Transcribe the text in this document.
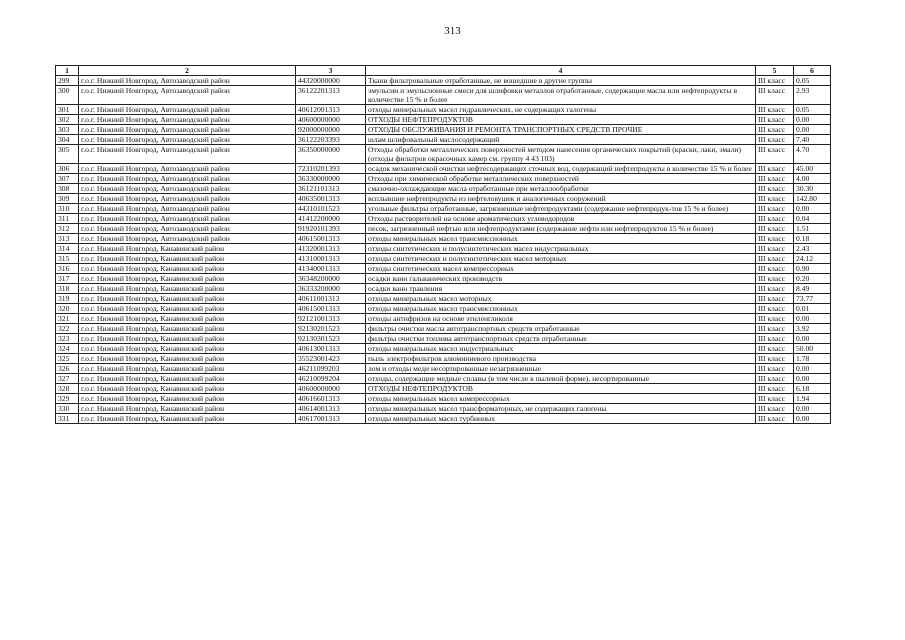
313
1	2	3	4	5	6
299	г.о.г. Нижний Новгород, Автозаводский район	44320000000	Ткани фильтровальные отработанные, не вошедшие в другие группы	III класс	0.05
300	г.о.г. Нижний Новгород, Автозаводский район	36122201313	эмульсии и эмульсионные смеси для шлифовки металлов отработанные, содержащие масла или нефтепродукты в количестве 15 % и более	III класс	2.93
301	г.о.г. Нижний Новгород, Автозаводский район	40612001313	отходы минеральных масел гидравлических, не содержащих галогены	III класс	0.05
302	г.о.г. Нижний Новгород, Автозаводский район	40600000000	ОТХОДЫ НЕФТЕПРОДУКТОВ	III класс	0.00
303	г.о.г. Нижний Новгород, Автозаводский район	92000000000	ОТХОДЫ ОБСЛУЖИВАНИЯ И РЕМОНТА ТРАНСПОРТНЫХ СРЕДСТВ ПРОЧИЕ	III класс	0.00
304	г.о.г. Нижний Новгород, Автозаводский район	36122203393	шлам шлифовальный маслосодержащий	III класс	7.40
305	г.о.г. Нижний Новгород, Автозаводский район	36350000000	Отходы обработки металлических поверхностей методом нанесения органических покрытий (краски, лаки, эмали)(отходы фильтров окрасочных камер см. группу 4 43 103)	III класс	4.70
306	г.о.г. Нижний Новгород, Автозаводский район	72310201393	осадок механической очистки нефтесодержащих сточных вод, содержащий нефтепродукты в количестве 15 % и более	III класс	45.00
307	г.о.г. Нижний Новгород, Автозаводский район	36330000000	Отходы при химической обработке металлических поверхностей	III класс	4.00
308	г.о.г. Нижний Новгород, Автозаводский район	36121101313	смазочно-охлаждающие масла отработанные при металлообработке	III класс	30.30
309	г.о.г. Нижний Новгород, Автозаводский район	40635001313	всплывшие нефтепродукты из нефтеловушек и аналогичных сооружений	III класс	142.80
310	г.о.г. Нижний Новгород, Автозаводский район	44310101523	угольные фильтры отработанные, загрязненные нефтепродуктами (содержание нефтепродук-тов 15 % и более)	III класс	0.00
311	г.о.г. Нижний Новгород, Автозаводский район	41412200000	Отходы растворителей на основе ароматических углеводородов	III класс	0.04
312	г.о.г. Нижний Новгород, Автозаводский район	91920101393	песок, загрязненный нефтью или нефтепродуктами (содержание нефти или нефтепродуктов 15 % и более)	III класс	1.51
313	г.о.г. Нижний Новгород, Автозаводский район	40615001313	отходы минеральных масел трансмиссионных	III класс	0.18
314	г.о.г. Нижний Новгород, Канавинский район	41320001313	отходы синтетических и полусинтетических масел индустриальных	III класс	2.43
315	г.о.г. Нижний Новгород, Канавинский район	41310001313	отходы синтетических и полусинтетических масел моторных	III класс	24.12
316	г.о.г. Нижний Новгород, Канавинский район	41340001313	отходы синтетических масел компрессорных	III класс	0.90
317	г.о.г. Нижний Новгород, Канавинский район	36348200000	осадки ванн гальванических производств	III класс	0.20
318	г.о.г. Нижний Новгород, Канавинский район	36333200000	осадки ванн травления	III класс	8.49
319	г.о.г. Нижний Новгород, Канавинский район	40611001313	отходы минеральных масел моторных	III класс	73.77
320	г.о.г. Нижний Новгород, Канавинский район	40615001313	отходы минеральных масел трансмиссионных	III класс	0.01
321	г.о.г. Нижний Новгород, Канавинский район	92121001313	отходы антифризов на основе этиленгликоля	III класс	0.00
322	г.о.г. Нижний Новгород, Канавинский район	92130201523	фильтры очистки масла автотранспортных средств отработанные	III класс	3.92
323	г.о.г. Нижний Новгород, Канавинский район	92130301523	фильтры очистки топлива автотранспортных средств отработанные	III класс	0.00
324	г.о.г. Нижний Новгород, Канавинский район	40613001313	отходы минеральных масел индустриальных	III класс	50.00
325	г.о.г. Нижний Новгород, Канавинский район	35523001423	пыль электрофильтров алюминиевого производства	III класс	1.78
326	г.о.г. Нижний Новгород, Канавинский район	46211099203	лом и отходы меди несортированные незагрязненные	III класс	0.00
327	г.о.г. Нижний Новгород, Канавинский район	46210099204	отходы, содержащие медные сплавы (в том числе в пылевой форме), несортированные	III класс	0.00
328	г.о.г. Нижний Новгород, Канавинский район	40600000000	ОТХОДЫ НЕФТЕПРОДУКТОВ	III класс	6.18
329	г.о.г. Нижний Новгород, Канавинский район	40616601313	отходы минеральных масел компрессорных	III класс	1.94
330	г.о.г. Нижний Новгород, Канавинский район	40614001313	отходы минеральных масел трансформаторных, не содержащих галогены	III класс	0.00
331	г.о.г. Нижний Новгород, Канавинский район	40617001313	отходы минеральных масел турбинных	III класс	0.00
